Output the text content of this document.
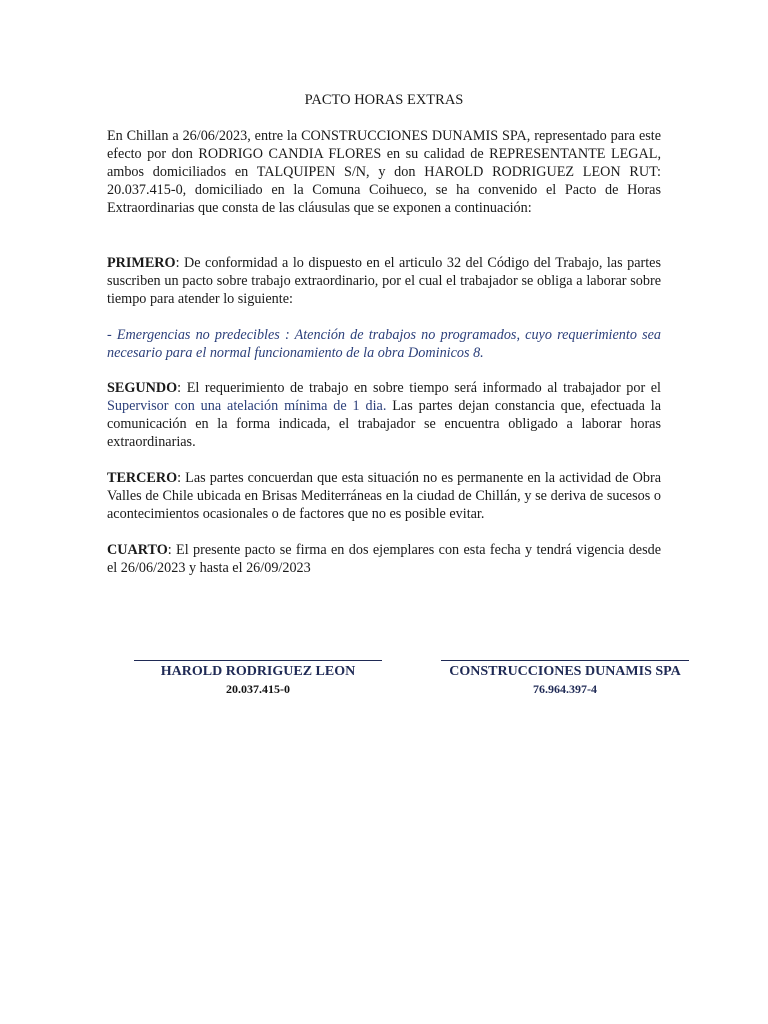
PACTO HORAS EXTRAS
En Chillan a 26/06/2023, entre la CONSTRUCCIONES DUNAMIS SPA, representado para este efecto por don RODRIGO CANDIA FLORES en su calidad de REPRESENTANTE LEGAL, ambos domiciliados en TALQUIPEN S/N, y don HAROLD RODRIGUEZ LEON RUT: 20.037.415-0, domiciliado en la Comuna Coihueco, se ha convenido el Pacto de Horas Extraordinarias que consta de las cláusulas que se exponen a continuación:
PRIMERO: De conformidad a lo dispuesto en el articulo 32 del Código del Trabajo, las partes suscriben un pacto sobre trabajo extraordinario, por el cual el trabajador se obliga a laborar sobre tiempo para atender lo siguiente:
- Emergencias no predecibles : Atención de trabajos no programados, cuyo requerimiento sea necesario para el normal funcionamiento de la obra Dominicos 8.
SEGUNDO: El requerimiento de trabajo en sobre tiempo será informado al trabajador por el Supervisor con una atelación mínima de 1 dia. Las partes dejan constancia que, efectuada la comunicación en la forma indicada, el trabajador se encuentra obligado a laborar horas extraordinarias.
TERCERO: Las partes concuerdan que esta situación no es permanente en la actividad de Obra Valles de Chile ubicada en Brisas Mediterráneas en la ciudad de Chillán, y se deriva de sucesos o acontecimientos ocasionales o de factores que no es posible evitar.
CUARTO: El presente pacto se firma en dos ejemplares con esta fecha y tendrá vigencia desde el 26/06/2023 y hasta el 26/09/2023
HAROLD RODRIGUEZ LEON
20.037.415-0
CONSTRUCCIONES DUNAMIS SPA
76.964.397-4
